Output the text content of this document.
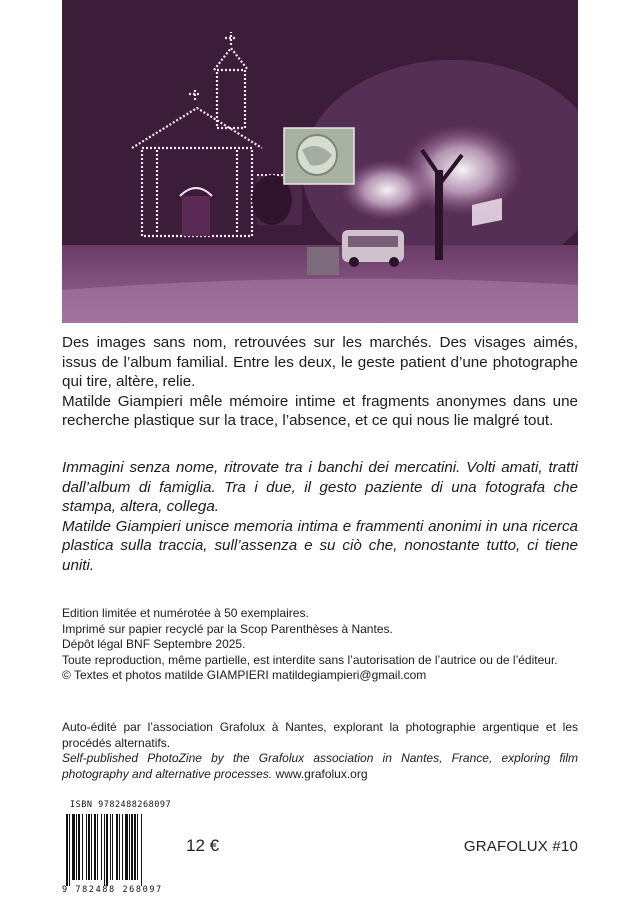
Des images sans nom, retrouvées sur les marchés. Des visages aimés, issus de l’album familial. Entre les deux, le geste patient d’une photographe qui tire, altère, relie.

Matilde Giampieri mêle mémoire intime et fragments anonymes dans une recherche plastique sur la trace, l’absence, et ce qui nous lie malgré tout.

Immagini senza nome, ritrovate tra i banchi dei mercatini. Volti amati, tratti dall’album di famiglia. Tra i due, il gesto paziente di una fotografa che stampa, altera, collega.

Matilde Giampieri unisce memoria intima e frammenti anonimi in una ricerca plastica sulla traccia, sull’assenza e su ciò che, nonostante tutto, ci tiene uniti.

Edition limitée et numérotée à 50 exemplaires.

Imprimé sur papier recyclé par la Scop Parenthèses à Nantes.

Dépôt légal BNF Septembre 2025.

Toute reproduction, même partielle, est interdite sans l’autorisation de l’autrice ou de l’éditeur.

© Textes et photos matilde GIAMPIERI matildegiampieri@gmail.com

Auto-édité par l’association Grafolux à Nantes, explorant la photographie argentique et les procédés alternatifs.

Self-published PhotoZine by the Grafolux association in Nantes, France, exploring film photography and alternative processes. www.grafolux.org

ISBN 9782488268097
9 782488 268097
12 €	GRAFOLUX #10
